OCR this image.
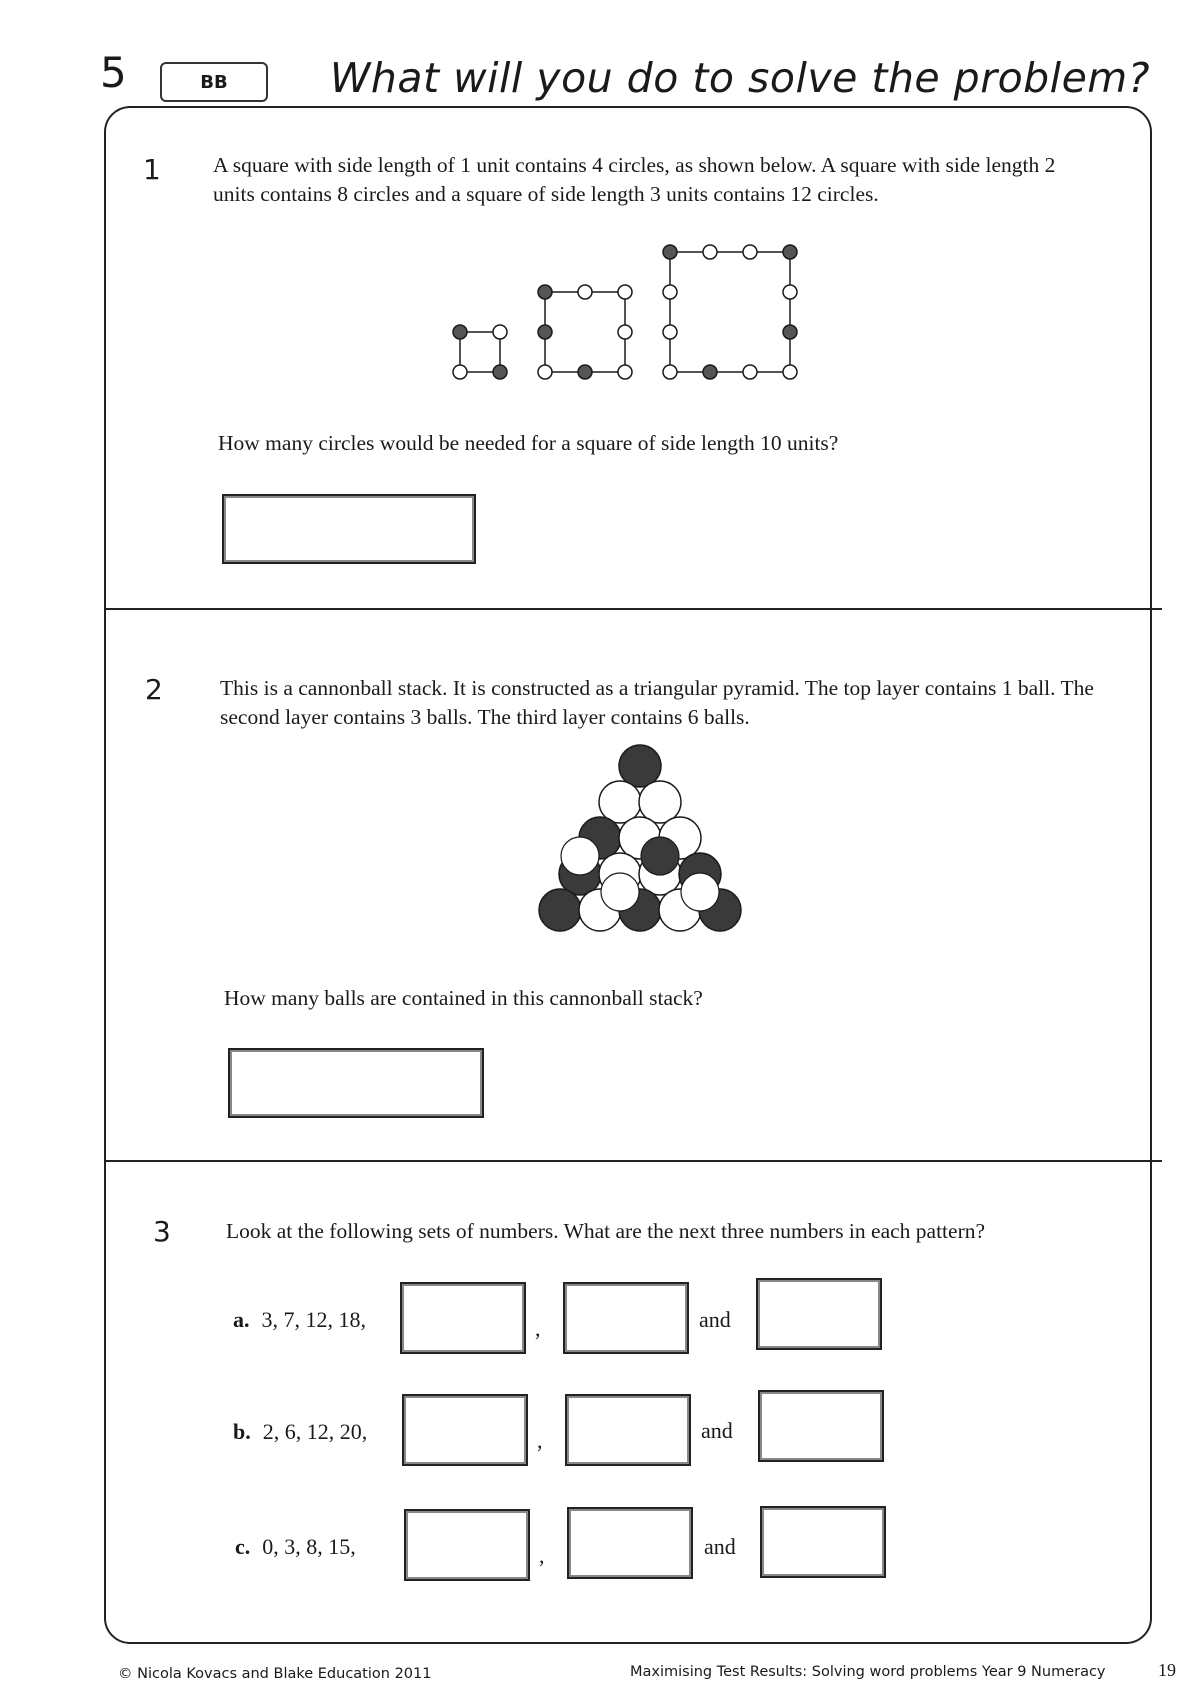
5	BB	What will you do to solve the problem?
1 A square with side length of 1 unit contains 4 circles, as shown below. A square with side length 2 units contains 8 circles and a square of side length 3 units contains 12 circles.
How many circles would be needed for a square of side length 10 units?
2	This is a cannonball stack. It is constructed as a triangular pyramid. The top layer contains 1 ball. The second layer contains 3 balls. The third layer contains 6 balls.
How many balls are contained in this cannonball stack?
3	Look at the following sets of numbers. What are the next three numbers in each pattern?
a. 3, 7, 12, 18,	,	and
b. 2, 6, 12, 20,	,	and
c. 0, 3, 8, 15,	,	and
© Nicola Kovacs and Blake Education 2011	Maximising Test Results: Solving word problems Year 9 Numeracy	19
